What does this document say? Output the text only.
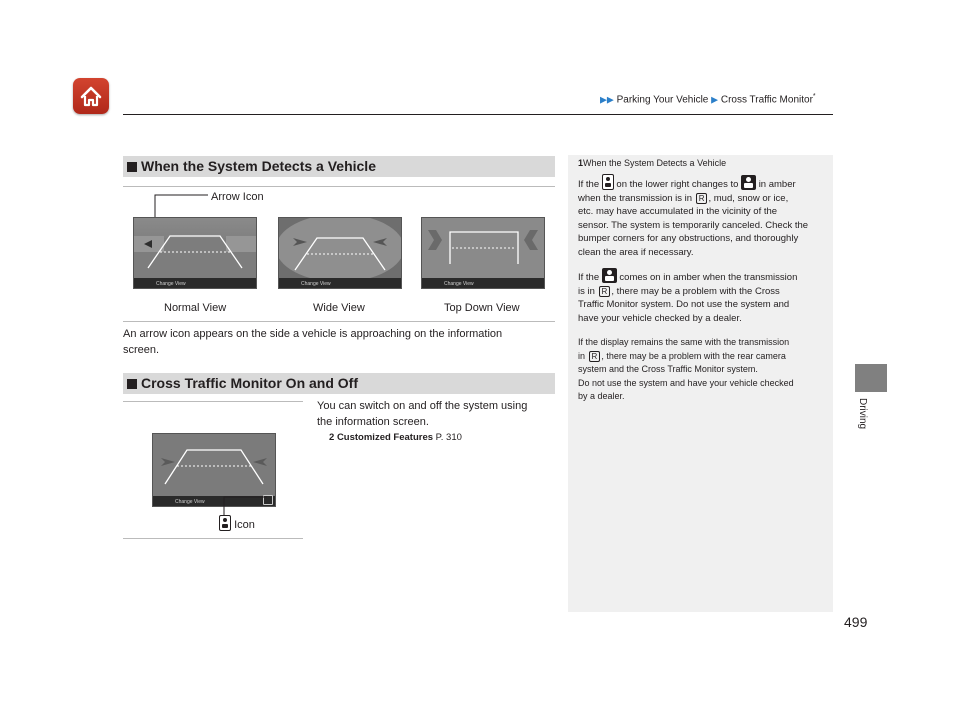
▶▶ Parking Your Vehicle ▶ Cross Traffic Monitor*
Driving
When the System Detects a Vehicle
Arrow Icon
Change View	Change View	Change View
Normal View	Wide View	Top Down View
An arrow icon appears on the side a vehicle is approaching on the information
screen.
Cross Traffic Monitor On and Off
Change View
Icon
You can switch on and off the system using
the information screen.
2 Customized Features P. 310
1When the System Detects a Vehicle
If the on the lower right changes to in amber
when the transmission is in R , mud, snow or ice,
etc. may have accumulated in the vicinity of the
sensor. The system is temporarily canceled. Check the
bumper corners for any obstructions, and thoroughly
clean the area if necessary.
If the comes on in amber when the transmission
is in R , there may be a problem with the Cross
Traffic Monitor system. Do not use the system and
have your vehicle checked by a dealer.
If the display remains the same with the transmission
in R , there may be a problem with the rear camera
system and the Cross Traffic Monitor system.
Do not use the system and have your vehicle checked
by a dealer.
499
